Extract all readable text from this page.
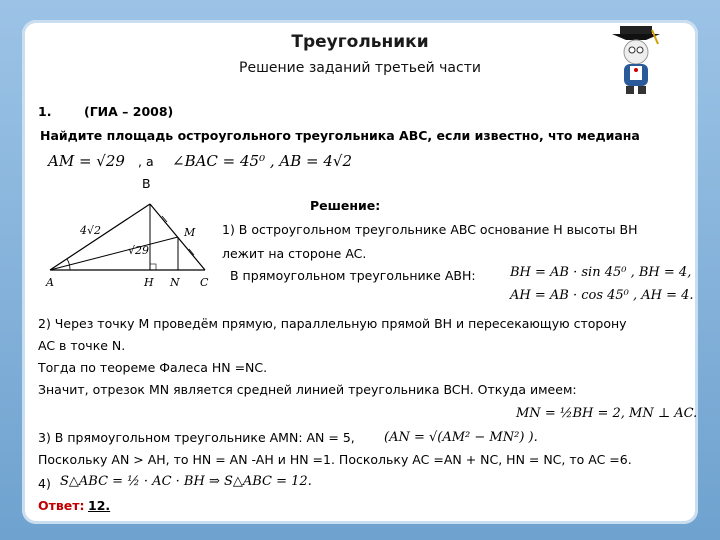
Треугольники
Решение заданий третьей части
1.	(ГИА – 2008)
Найдите площадь остроугольного треугольника ABC, если известно, что медиана
AM = √29 , а ∠BAC = 45⁰ , AB = 4√2
B
4√2
√29
A	H N C
M
Решение:
1) В остроугольном треугольнике ABC основание H высоты BH
лежит на стороне AC.
В прямоугольном треугольнике ABH:	BH = AB · sin 45⁰ , BH = 4,
AH = AB · cos 45⁰ , AH = 4.
2) Через точку M проведём прямую, параллельную прямой BH и пересекающую сторону
AC в точке N.
Тогда по теореме Фалеса HN =NC.
Значит, отрезок MN является средней линией треугольника BCH. Откуда имеем:
MN = ½BH = 2, MN ⊥ AC.
3) В прямоугольном треугольнике AMN: AN = 5, (AN = √(AM² − MN²) ).
Поскольку AN > AH, то HN = AN -AH и HN =1. Поскольку AC =AN + NC, HN = NC, то AC =6.
4) S△ABC = ½ · AC · BH ⇒ S△ABC = 12.
Ответ: 12.
